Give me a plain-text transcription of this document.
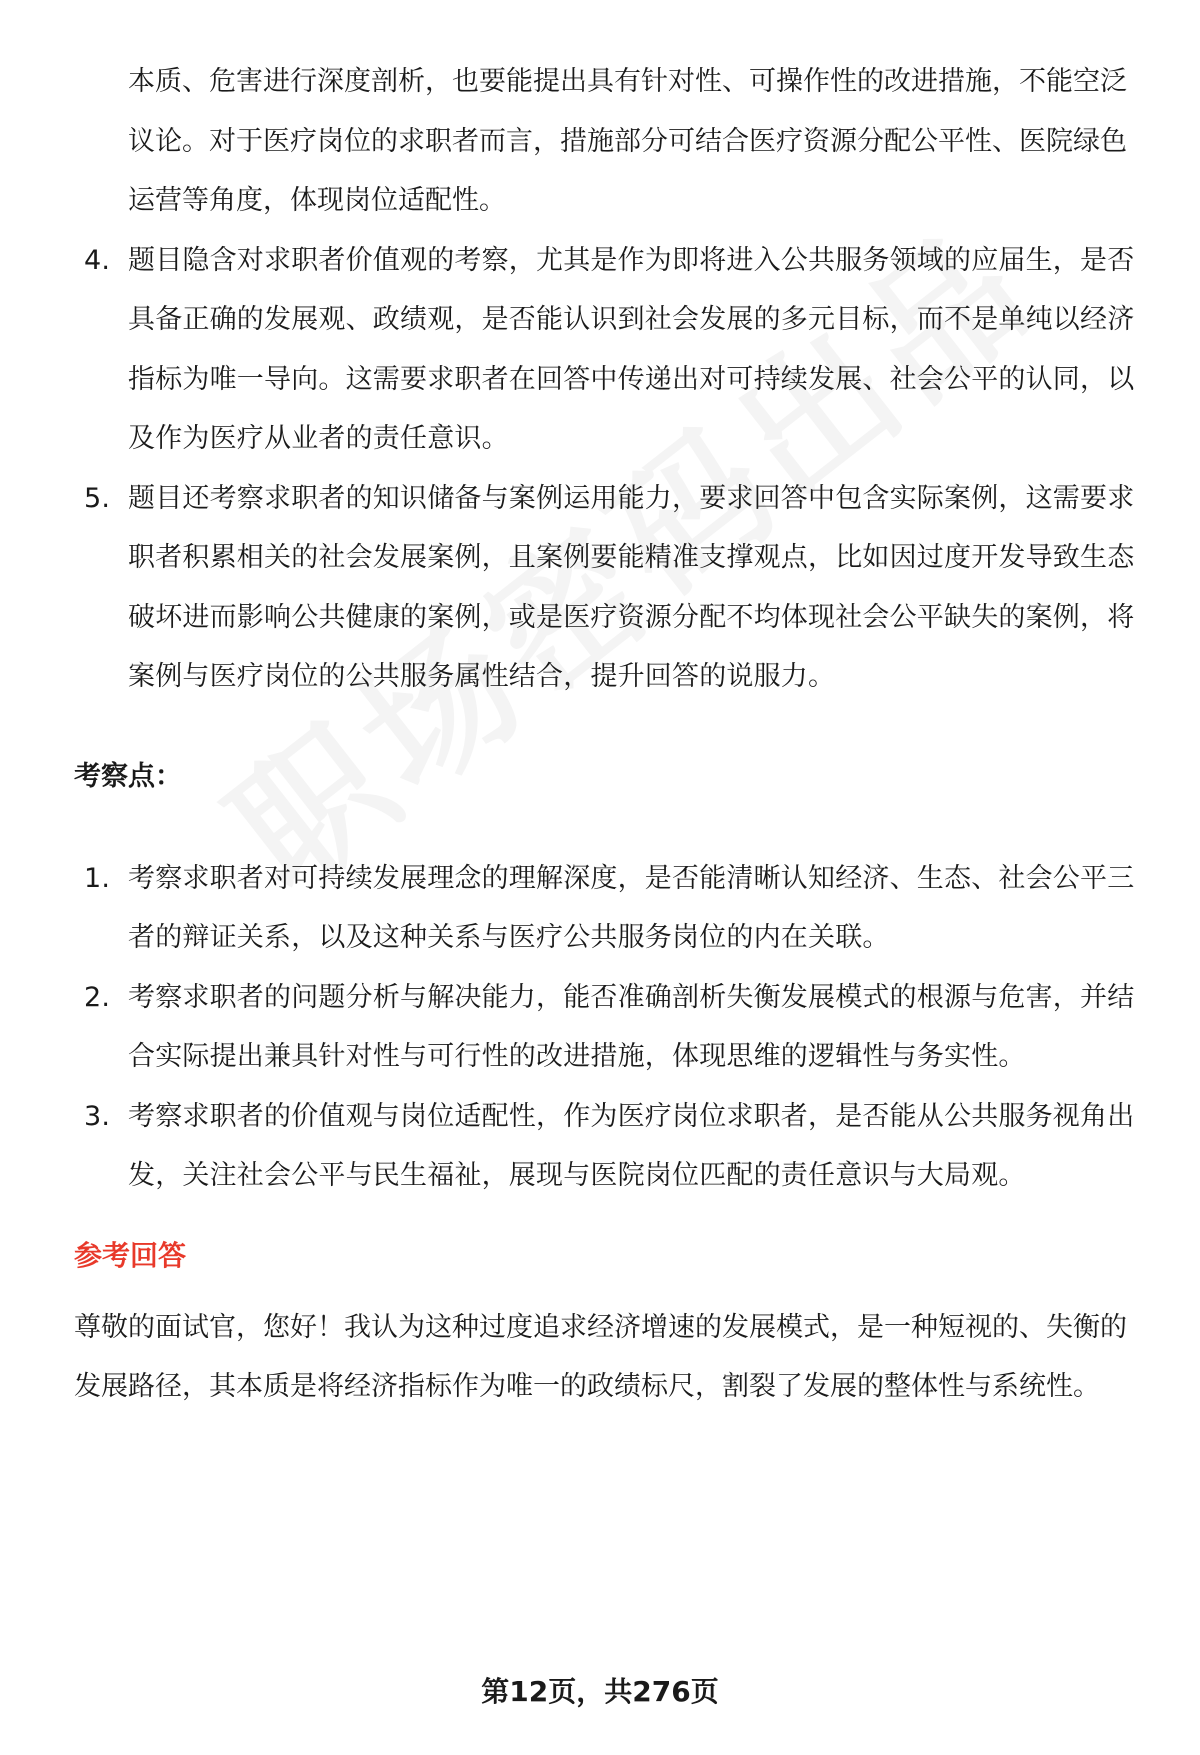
本质、危害进行深度剖析，也要能提出具有针对性、可操作性的改进措施，不能空泛议论。对于医疗岗位的求职者而言，措施部分可结合医疗资源分配公平性、医院绿色运营等角度，体现岗位适配性。
4. 题目隐含对求职者价值观的考察，尤其是作为即将进入公共服务领域的应届生，是否具备正确的发展观、政绩观，是否能认识到社会发展的多元目标，而不是单纯以经济指标为唯一导向。这需要求职者在回答中传递出对可持续发展、社会公平的认同，以及作为医疗从业者的责任意识。
5. 题目还考察求职者的知识储备与案例运用能力，要求回答中包含实际案例，这需要求职者积累相关的社会发展案例，且案例要能精准支撑观点，比如因过度开发导致生态破坏进而影响公共健康的案例，或是医疗资源分配不均体现社会公平缺失的案例，将案例与医疗岗位的公共服务属性结合，提升回答的说服力。
考察点：
1. 考察求职者对可持续发展理念的理解深度，是否能清晰认知经济、生态、社会公平三者的辩证关系，以及这种关系与医疗公共服务岗位的内在关联。
2. 考察求职者的问题分析与解决能力，能否准确剖析失衡发展模式的根源与危害，并结合实际提出兼具针对性与可行性的改进措施，体现思维的逻辑性与务实性。
3. 考察求职者的价值观与岗位适配性，作为医疗岗位求职者，是否能从公共服务视角出发，关注社会公平与民生福祉，展现与医院岗位匹配的责任意识与大局观。
参考回答

尊敬的面试官，您好！我认为这种过度追求经济增速的发展模式，是一种短视的、失衡的发展路径，其本质是将经济指标作为唯一的政绩标尺，割裂了发展的整体性与系统性。

第12页，共276页
